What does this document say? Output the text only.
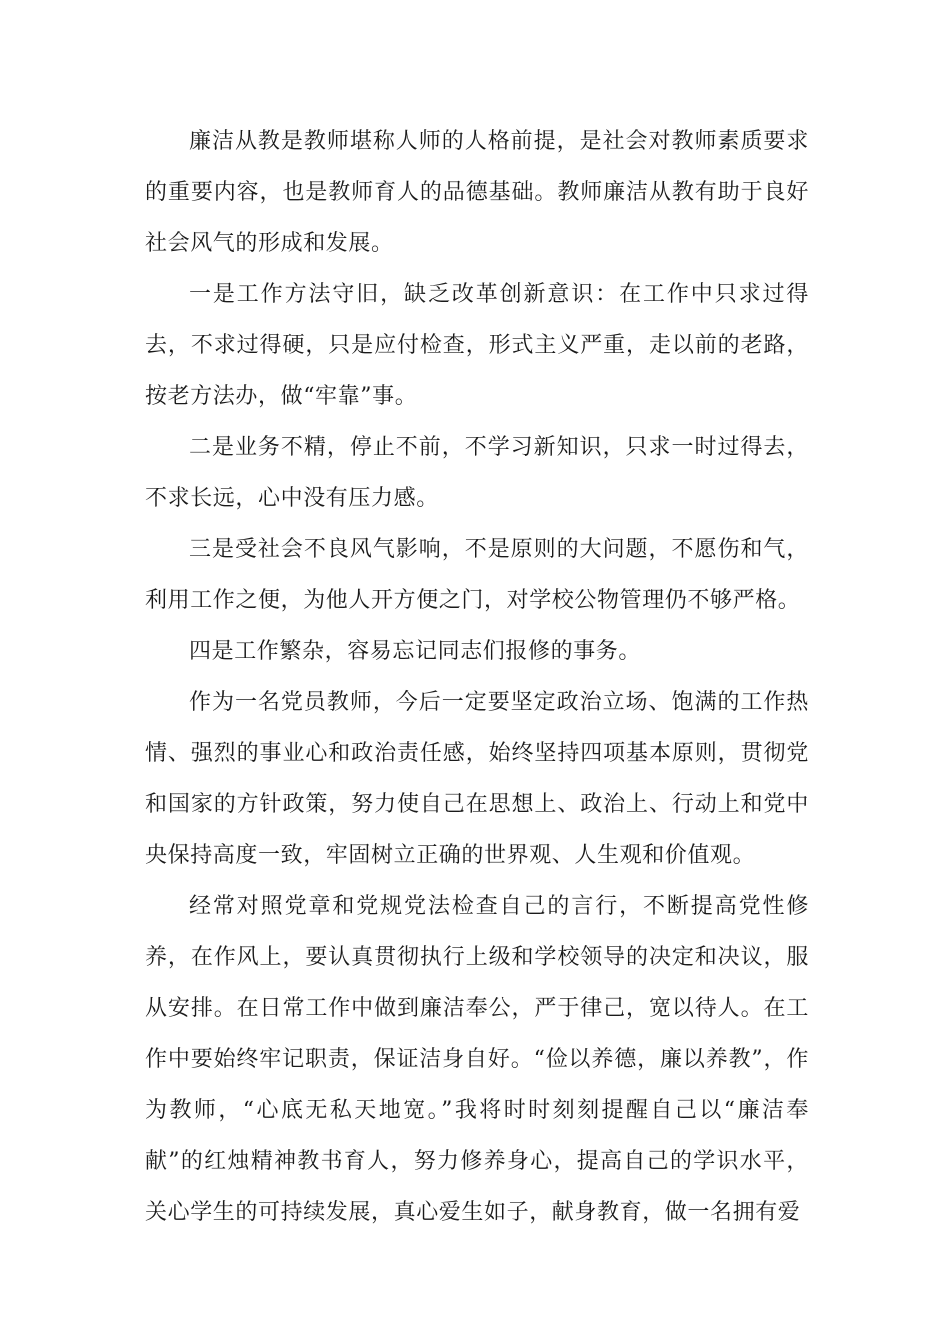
廉洁从教是教师堪称人师的人格前提，是社会对教师素质要求的重要内容，也是教师育人的品德基础。教师廉洁从教有助于良好社会风气的形成和发展。

一是工作方法守旧，缺乏改革创新意识：在工作中只求过得去，不求过得硬，只是应付检查，形式主义严重，走以前的老路，按老方法办，做“牢靠”事。

二是业务不精，停止不前，不学习新知识，只求一时过得去，不求长远，心中没有压力感。

三是受社会不良风气影响，不是原则的大问题，不愿伤和气，利用工作之便，为他人开方便之门，对学校公物管理仍不够严格。

四是工作繁杂，容易忘记同志们报修的事务。

作为一名党员教师，今后一定要坚定政治立场、饱满的工作热情、强烈的事业心和政治责任感，始终坚持四项基本原则，贯彻党和国家的方针政策，努力使自己在思想上、政治上、行动上和党中央保持高度一致，牢固树立正确的世界观、人生观和价值观。

经常对照党章和党规党法检查自己的言行，不断提高党性修养，在作风上，要认真贯彻执行上级和学校领导的决定和决议，服从安排。在日常工作中做到廉洁奉公，严于律己，宽以待人。在工作中要始终牢记职责，保证洁身自好。“俭以养德，廉以养教”，作为教师，“心底无私天地宽。”我将时时刻刻提醒自己以“廉洁奉献”的红烛精神教书育人，努力修养身心，提高自己的学识水平，关心学生的可持续发展，真心爱生如子，献身教育，做一名拥有爱
